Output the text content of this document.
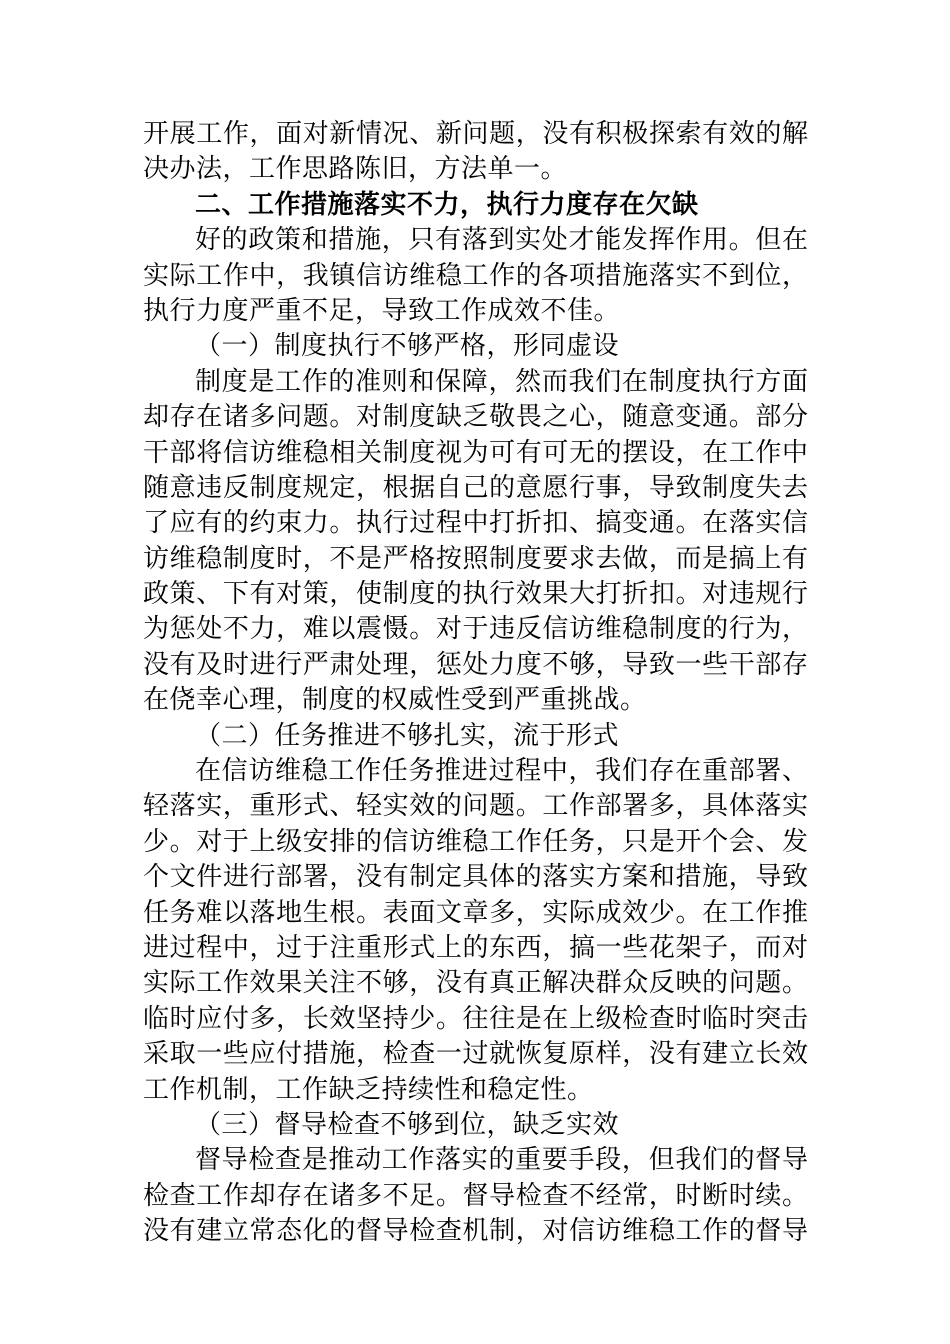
开展工作，面对新情况、新问题，没有积极探索有效的解
决办法，工作思路陈旧，方法单一。
二、工作措施落实不力，执行力度存在欠缺
好的政策和措施，只有落到实处才能发挥作用。但在
实际工作中，我镇信访维稳工作的各项措施落实不到位，
执行力度严重不足，导致工作成效不佳。
（一）制度执行不够严格，形同虚设
制度是工作的准则和保障，然而我们在制度执行方面
却存在诸多问题。对制度缺乏敬畏之心，随意变通。部分
干部将信访维稳相关制度视为可有可无的摆设，在工作中
随意违反制度规定，根据自己的意愿行事，导致制度失去
了应有的约束力。执行过程中打折扣、搞变通。在落实信
访维稳制度时，不是严格按照制度要求去做，而是搞上有
政策、下有对策，使制度的执行效果大打折扣。对违规行
为惩处不力，难以震慑。对于违反信访维稳制度的行为，
没有及时进行严肃处理，惩处力度不够，导致一些干部存
在侥幸心理，制度的权威性受到严重挑战。
（二）任务推进不够扎实，流于形式
在信访维稳工作任务推进过程中，我们存在重部署、
轻落实，重形式、轻实效的问题。工作部署多，具体落实
少。对于上级安排的信访维稳工作任务，只是开个会、发
个文件进行部署，没有制定具体的落实方案和措施，导致
任务难以落地生根。表面文章多，实际成效少。在工作推
进过程中，过于注重形式上的东西，搞一些花架子，而对
实际工作效果关注不够，没有真正解决群众反映的问题。
临时应付多，长效坚持少。往往是在上级检查时临时突击
采取一些应付措施，检查一过就恢复原样，没有建立长效
工作机制，工作缺乏持续性和稳定性。
（三）督导检查不够到位，缺乏实效
督导检查是推动工作落实的重要手段，但我们的督导
检查工作却存在诸多不足。督导检查不经常，时断时续。
没有建立常态化的督导检查机制，对信访维稳工作的督导
